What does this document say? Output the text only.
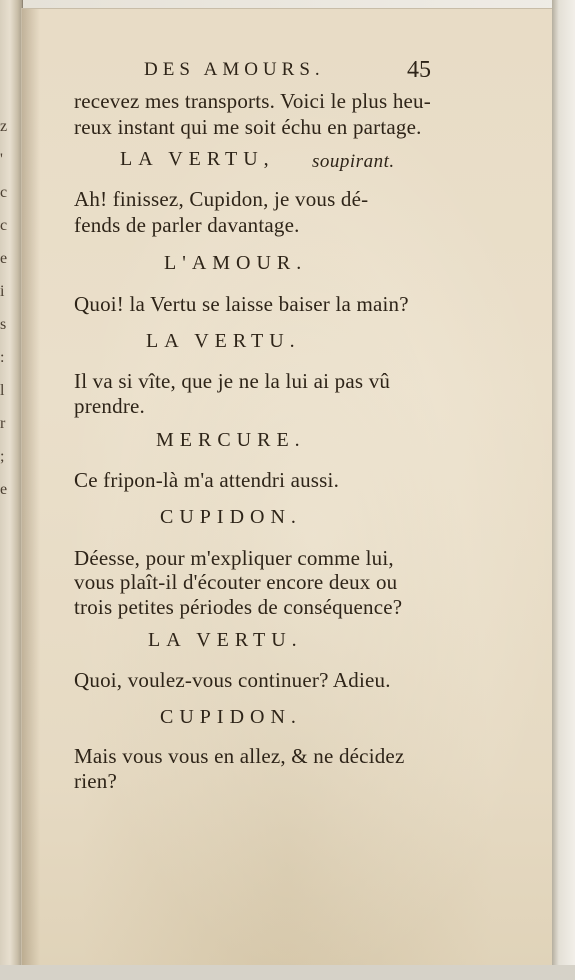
z
'
c
c
e
i
s
:
l
r
;
e
DES AMOURS.	45
recevez mes transports. Voici le plus heu-
reux instant qui me soit échu en partage.
LA VERTU, soupirant.
Ah! finissez, Cupidon, je vous dé-
fends de parler davantage.
L'AMOUR.
Quoi! la Vertu se laisse baiser la main?
LA VERTU.
Il va si vîte, que je ne la lui ai pas vû
prendre.
MERCURE.
Ce fripon-là m'a attendri aussi.
CUPIDON.
Déesse, pour m'expliquer comme lui,
vous plaît-il d'écouter encore deux ou
trois petites périodes de conséquence?
LA VERTU.
Quoi, voulez-vous continuer? Adieu.
CUPIDON.
Mais vous vous en allez, & ne décidez
rien?
